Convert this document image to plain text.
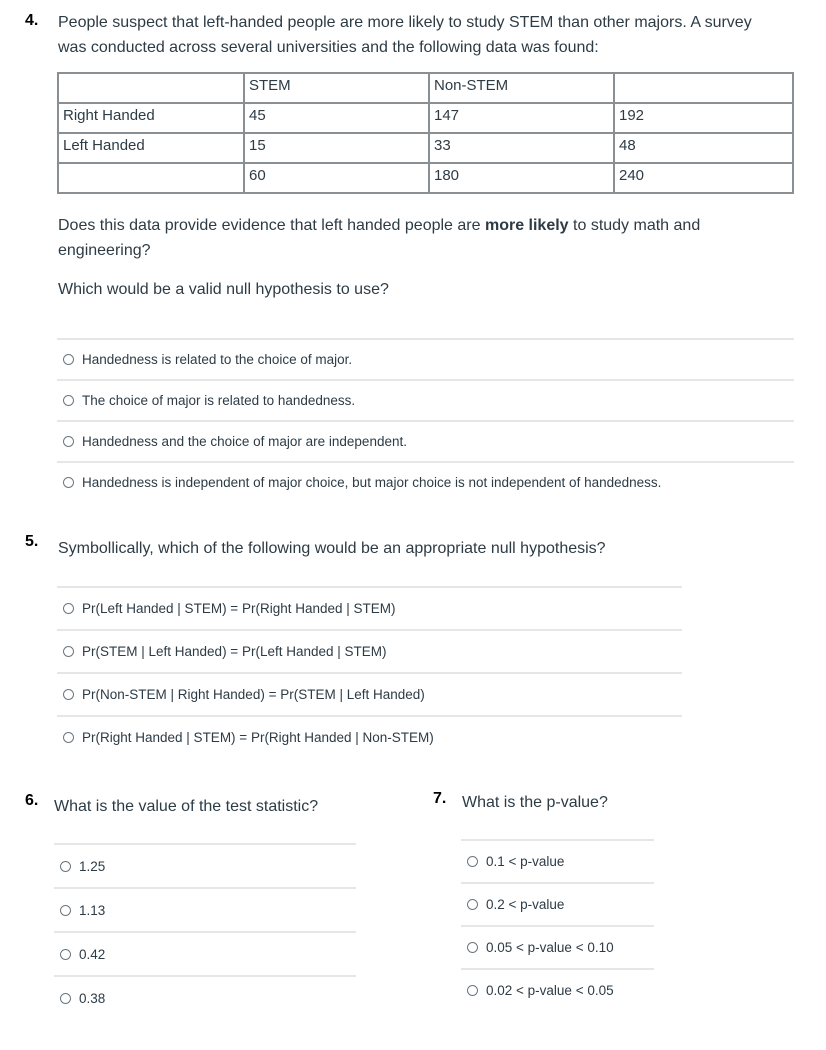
4. People suspect that left-handed people are more likely to study STEM than other majors. A survey
was conducted across several universities and the following data was found:
	STEM	Non-STEM	
Right Handed	45	147	192
Left Handed	15	33	48
	60	180	240
Does this data provide evidence that left handed people are more likely to study math and
engineering?
Which would be a valid null hypothesis to use?
Handedness is related to the choice of major.
The choice of major is related to handedness.
Handedness and the choice of major are independent.
Handedness is independent of major choice, but major choice is not independent of handedness.
5. Symbollically, which of the following would be an appropriate null hypothesis?
Pr(Left Handed | STEM) = Pr(Right Handed | STEM)
Pr(STEM | Left Handed) = Pr(Left Handed | STEM)
Pr(Non-STEM | Right Handed) = Pr(STEM | Left Handed)
Pr(Right Handed | STEM) = Pr(Right Handed | Non-STEM)
6. What is the value of the test statistic?
1.25
1.13
0.42
0.38
7. What is the p-value?
0.1 < p-value
0.2 < p-value
0.05 < p-value < 0.10
0.02 < p-value < 0.05
